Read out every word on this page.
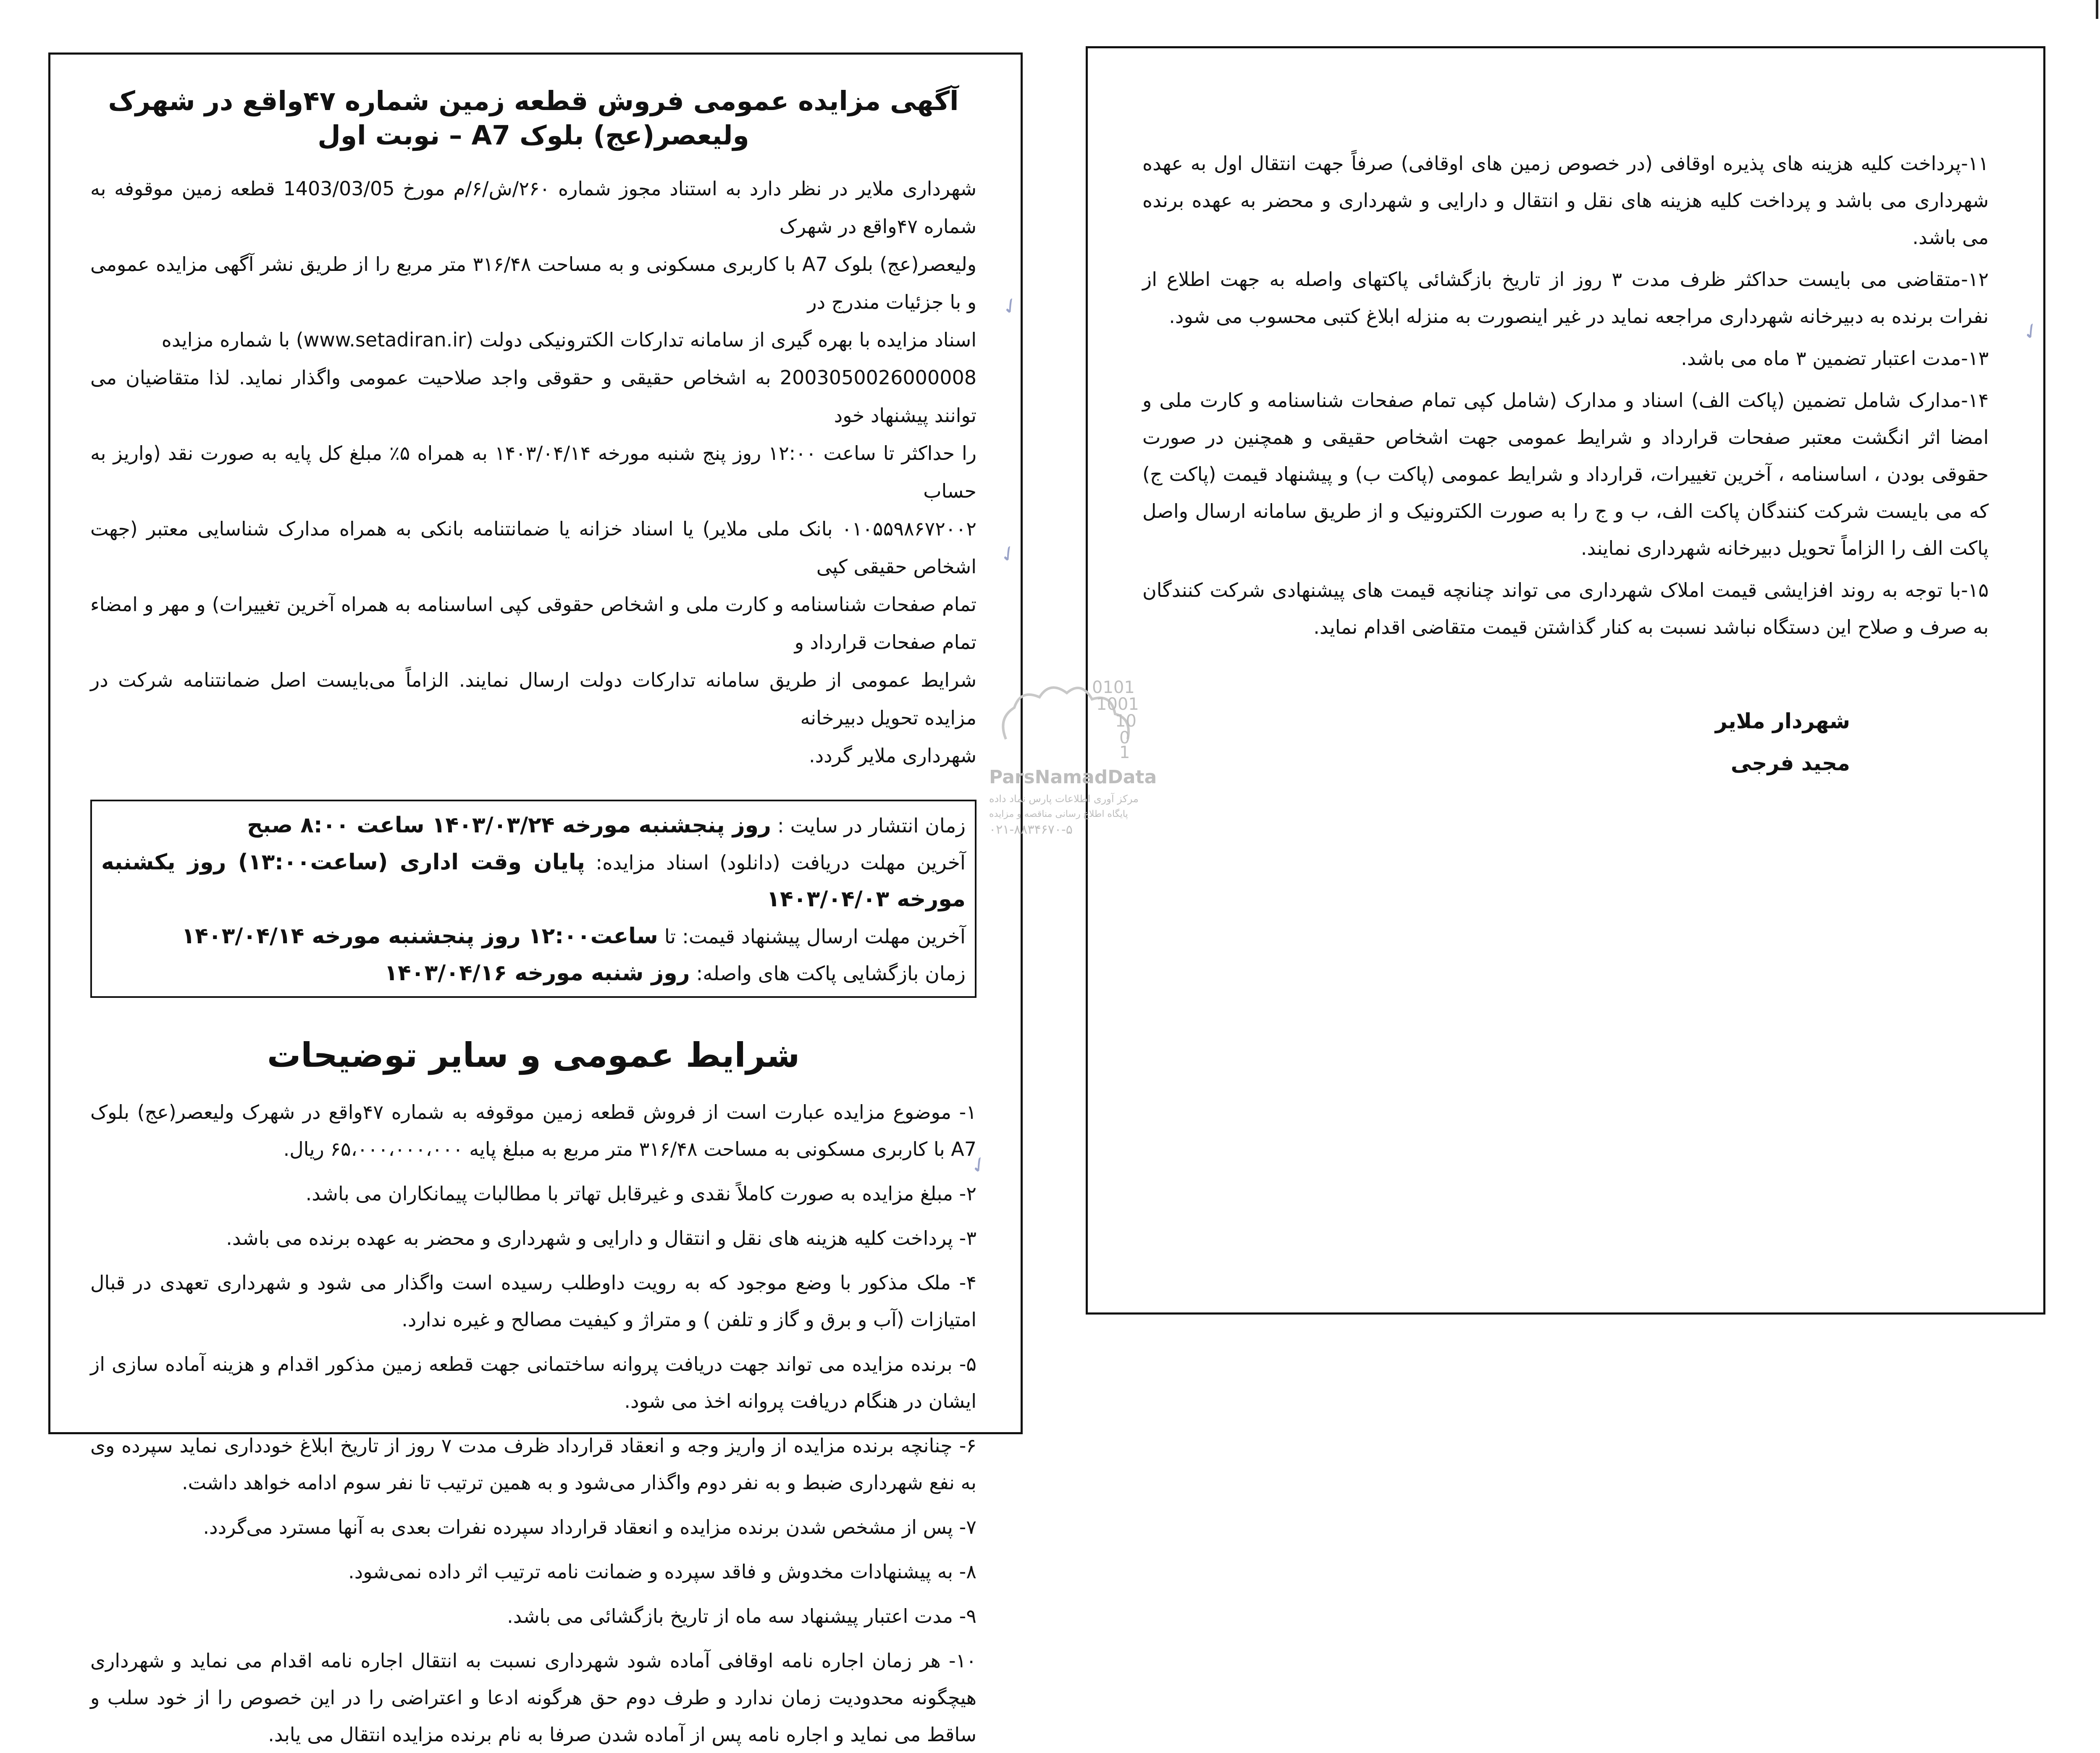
آگهی مزایده عمومی فروش قطعه زمین شماره ۴۷واقع در شهرک ولیعصر(عج) بلوک A7 – نوبت اول

شهرداری ملایر در نظر دارد به استناد مجوز شماره ۲۶۰/ش/۶/م مورخ 1403/03/05 قطعه زمین موقوفه به شماره ۴۷واقع در شهرک

ولیعصر(عج) بلوک A7 با کاربری مسکونی و به مساحت ۳۱۶/۴۸ متر مربع را از طریق نشر آگهی مزایده عمومی و با جزئیات مندرج در

اسناد مزایده با بهره گیری از سامانه تدارکات الکترونیکی دولت (www.setadiran.ir) با شماره مزایده

2003050026000008 به اشخاص حقیقی و حقوقی واجد صلاحیت عمومی واگذار نماید. لذا متقاضیان می توانند پیشنهاد خود

را حداکثر تا ساعت ۱۲:۰۰ روز پنج شنبه مورخه ۱۴۰۳/۰۴/۱۴ به همراه ۵٪ مبلغ کل پایه به صورت نقد (واریز به حساب

۰۱۰۵۵۹۸۶۷۲۰۰۲ بانک ملی ملایر) یا اسناد خزانه یا ضمانتنامه بانکی به همراه مدارک شناسایی معتبر (جهت اشخاص حقیقی کپی

تمام صفحات شناسنامه و کارت ملی و اشخاص حقوقی کپی اساسنامه به همراه آخرین تغییرات) و مهر و امضاء تمام صفحات قرارداد و

شرایط عمومی از طریق سامانه تدارکات دولت ارسال نمایند. الزاماً می‌بایست اصل ضمانتنامه شرکت در مزایده تحویل دبیرخانه

شهرداری ملایر گردد.

زمان انتشار در سایت : روز پنجشنبه مورخه ۱۴۰۳/۰۳/۲۴ ساعت ۸:۰۰ صبح
آخرین مهلت دریافت (دانلود) اسناد مزایده: پایان وقت اداری (ساعت۱۳:۰۰) روز یکشنبه مورخه ۱۴۰۳/۰۴/۰۳
آخرین مهلت ارسال پیشنهاد قیمت: تا ساعت۱۲:۰۰ روز پنجشنبه مورخه ۱۴۰۳/۰۴/۱۴
زمان بازگشایی پاکت های واصله: روز شنبه مورخه ۱۴۰۳/۰۴/۱۶
شرایط عمومی و سایر توضیحات
۱- موضوع مزایده عبارت است از فروش قطعه زمین موقوفه به شماره ۴۷واقع در شهرک ولیعصر(عج) بلوک A7 با کاربری مسکونی به مساحت ۳۱۶/۴۸ متر مربع به مبلغ پایه ۶۵،۰۰۰،۰۰۰،۰۰۰ ریال.
۲- مبلغ مزایده به صورت کاملاً نقدی و غیرقابل تهاتر با مطالبات پیمانکاران می باشد.
۳- پرداخت کلیه هزینه های نقل و انتقال و دارایی و شهرداری و محضر به عهده برنده می باشد.
۴- ملک مذکور با وضع موجود که به رویت داوطلب رسیده است واگذار می شود و شهرداری تعهدی در قبال امتیازات (آب و برق و گاز و تلفن ) و متراژ و کیفیت مصالح و غیره ندارد.
۵- برنده مزایده می تواند جهت دریافت پروانه ساختمانی جهت قطعه زمین مذکور اقدام و هزینه آماده سازی از ایشان در هنگام دریافت پروانه اخذ می شود.
۶- چنانچه برنده مزایده از واریز وجه و انعقاد قرارداد ظرف مدت ۷ روز از تاریخ ابلاغ خودداری نماید سپرده وی به نفع شهرداری ضبط و به نفر دوم واگذار می‌شود و به همین ترتیب تا نفر سوم ادامه خواهد داشت.
۷- پس از مشخص شدن برنده مزایده و انعقاد قرارداد سپرده نفرات بعدی به آنها مسترد می‌گردد.
۸- به پیشنهادات مخدوش و فاقد سپرده و ضمانت نامه ترتیب اثر داده نمی‌شود.
۹- مدت اعتبار پیشنهاد سه ماه از تاریخ بازگشائی می باشد.
۱۰- هر زمان اجاره نامه اوقافی آماده شود شهرداری نسبت به انتقال اجاره نامه اقدام می نماید و شهرداری هیچگونه محدودیت زمان ندارد و طرف دوم حق هرگونه ادعا و اعتراضی را در این خصوص را از خود سلب و ساقط می نماید و اجاره نامه پس از آماده شدن صرفا به نام برنده مزایده انتقال می یابد.
۱۱-پرداخت کلیه هزینه های پذیره اوقافی (در خصوص زمین های اوقافی) صرفاً جهت انتقال اول به عهده شهرداری می باشد و پرداخت کلیه هزینه های نقل و انتقال و دارایی و شهرداری و محضر به عهده برنده می باشد.
۱۲-متقاضی می بایست حداکثر ظرف مدت ۳ روز از تاریخ بازگشائی پاکتهای واصله به جهت اطلاع از نفرات برنده به دبیرخانه شهرداری مراجعه نماید در غیر اینصورت به منزله ابلاغ کتبی محسوب می شود.
۱۳-مدت اعتبار تضمین ۳ ماه می باشد.
۱۴-مدارک شامل تضمین (پاکت الف) اسناد و مدارک (شامل کپی تمام صفحات شناسنامه و کارت ملی و امضا اثر انگشت معتبر صفحات قرارداد و شرایط عمومی جهت اشخاص حقیقی و همچنین در صورت حقوقی بودن ، اساسنامه ، آخرین تغییرات، قرارداد و شرایط عمومی (پاکت ب) و پیشنهاد قیمت (پاکت ج) که می بایست شرکت کنندگان پاکت الف، ب و ج را به صورت الکترونیک و از طریق سامانه ارسال واصل پاکت الف را الزاماً تحویل دبیرخانه شهرداری نمایند.
۱۵-با توجه به روند افزایشی قیمت املاک شهرداری می تواند چنانچه قیمت های پیشنهادی شرکت کنندگان به صرف و صلاح این دستگاه نباشد نسبت به کنار گذاشتن قیمت متقاضی اقدام نماید.
شهردار ملایر
مجید فرجی
0101
1001
10
0
1
ParsNamadData
مرکز آوری اطلاعات پارس نماد داده
پایگاه اطلاع رسانی مناقصه و مزایده
۰۲۱-۸۸۳۴۶۷۰-۵
✓
✓
✓
✓
